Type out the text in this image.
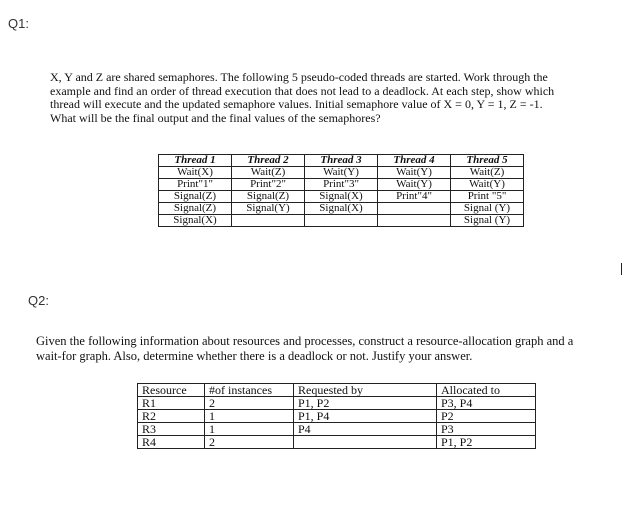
Q1:
X, Y and Z are shared semaphores. The following 5 pseudo-coded threads are started. Work through the
example and find an order of thread execution that does not lead to a deadlock. At each step, show which
thread will execute and the updated semaphore values. Initial semaphore value of X = 0, Y = 1, Z = -1.
What will be the final output and the final values of the semaphores?
Thread 1	Thread 2	Thread 3	Thread 4	Thread 5
Wait(X)	Wait(Z)	Wait(Y)	Wait(Y)	Wait(Z)
Print"1"	Print"2"	Print"3"	Wait(Y)	Wait(Y)
Signal(Z)	Signal(Z)	Signal(X)	Print"4"	Print "5"
Signal(Z)	Signal(Y)	Signal(X)		Signal (Y)
Signal(X)				Signal (Y)
Q2:
Given the following information about resources and processes, construct a resource-allocation graph and a
wait-for graph. Also, determine whether there is a deadlock or not. Justify your answer.
Resource	#of instances	Requested by	Allocated to
R1	2	P1, P2	P3, P4
R2	1	P1, P4	P2
R3	1	P4	P3
R4	2		P1, P2
